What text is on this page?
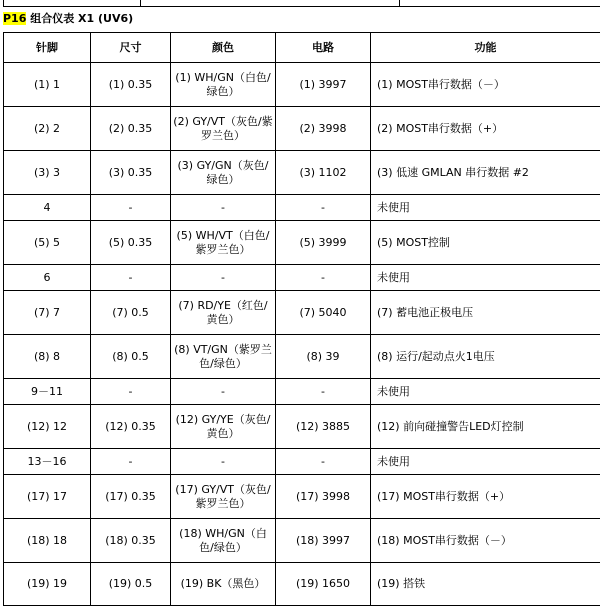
P16 组合仪表 X1 (UV6)
针脚	尺寸	颜色	电路	功能
(1) 1	(1) 0.35	(1) WH/GN（白色/绿色）	(1) 3997	(1) MOST串行数据（－）
(2) 2	(2) 0.35	(2) GY/VT（灰色/紫罗兰色）	(2) 3998	(2) MOST串行数据（+）
(3) 3	(3) 0.35	(3) GY/GN（灰色/绿色）	(3) 1102	(3) 低速 GMLAN 串行数据 #2
4	-	-	-	未使用
(5) 5	(5) 0.35	(5) WH/VT（白色/紫罗兰色）	(5) 3999	(5) MOST控制
6	-	-	-	未使用
(7) 7	(7) 0.5	(7) RD/YE（红色/黄色）	(7) 5040	(7) 蓄电池正极电压
(8) 8	(8) 0.5	(8) VT/GN（紫罗兰色/绿色）	(8) 39	(8) 运行/起动点火1电压
9－11	-	-	-	未使用
(12) 12	(12) 0.35	(12) GY/YE（灰色/黄色）	(12) 3885	(12) 前向碰撞警告LED灯控制
13－16	-	-	-	未使用
(17) 17	(17) 0.35	(17) GY/VT（灰色/紫罗兰色）	(17) 3998	(17) MOST串行数据（+）
(18) 18	(18) 0.35	(18) WH/GN（白色/绿色）	(18) 3997	(18) MOST串行数据（－）
(19) 19	(19) 0.5	(19) BK（黑色）	(19) 1650	(19) 搭铁
